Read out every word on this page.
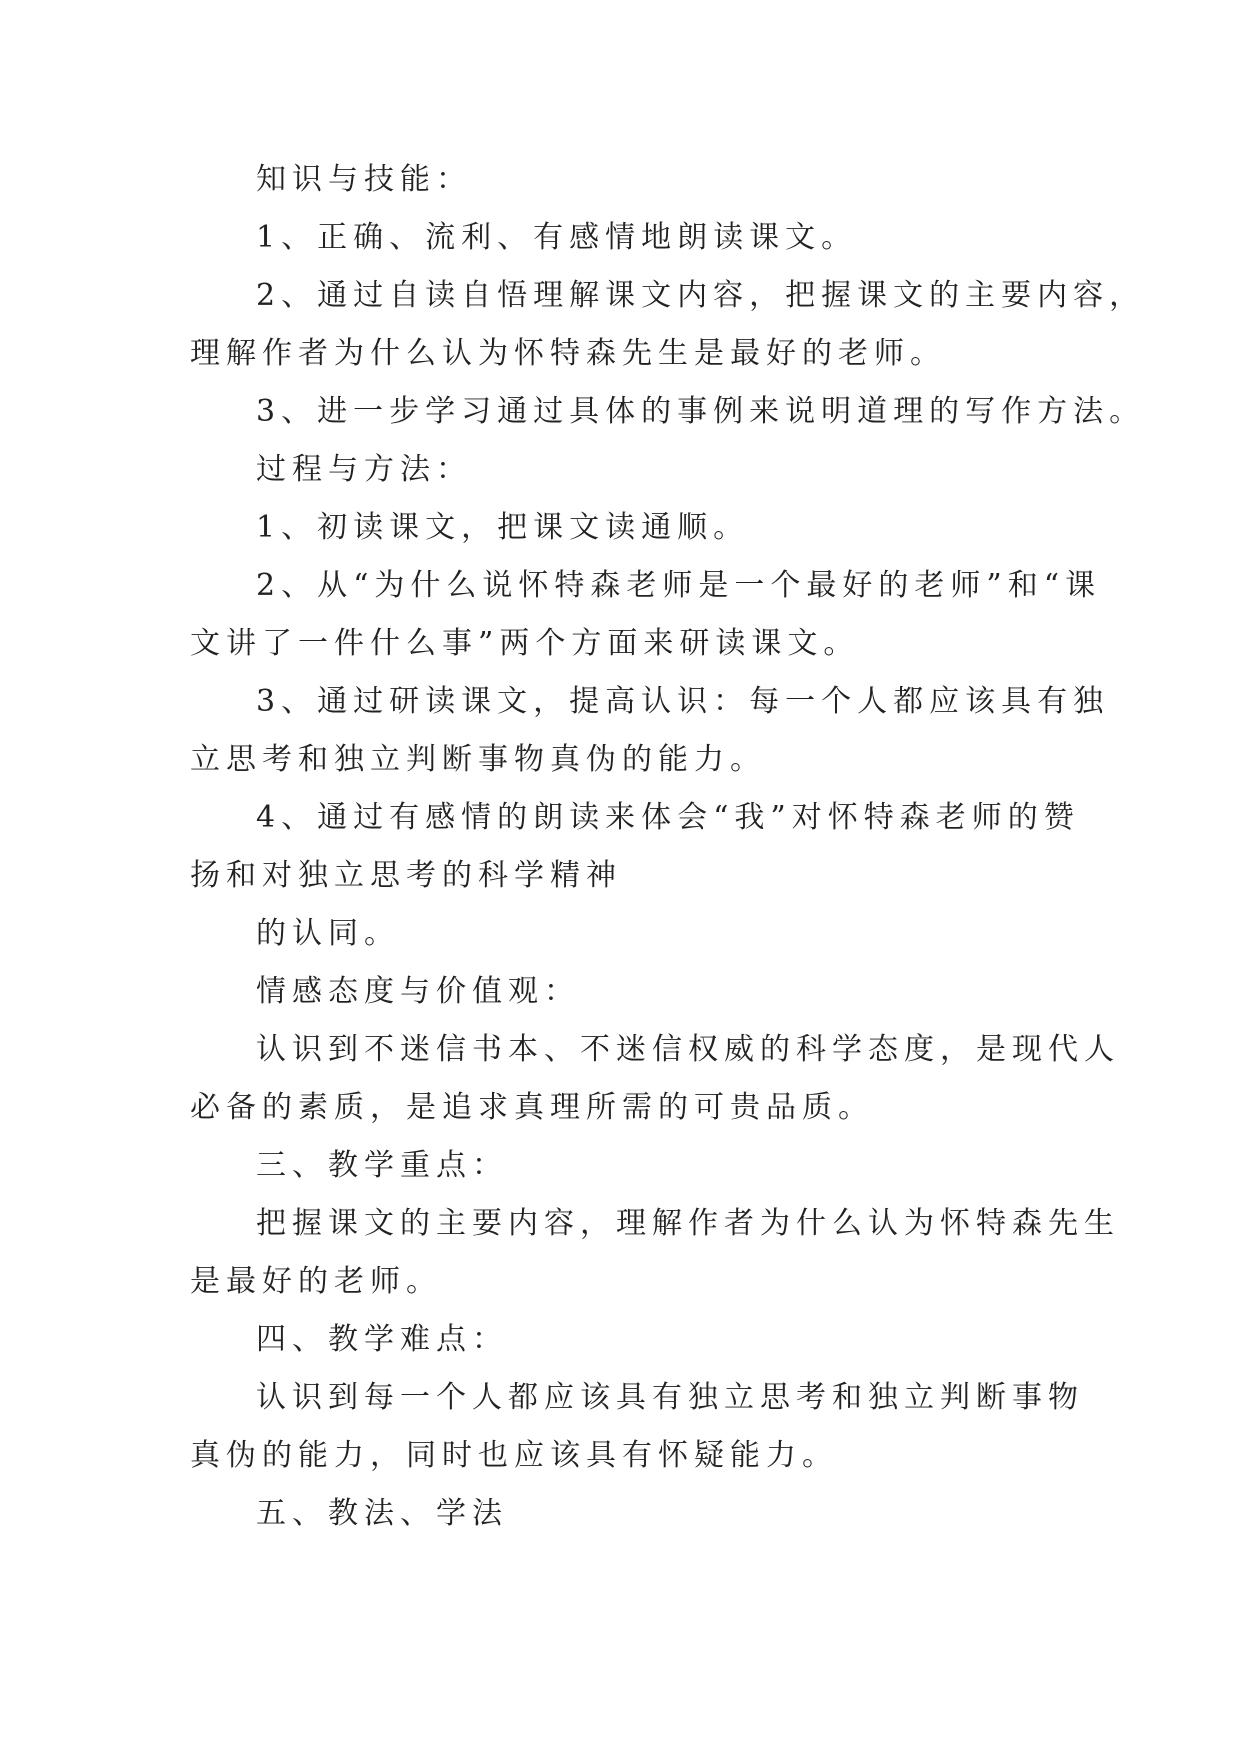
知识与技能：
1、正确、流利、有感情地朗读课文。
2、通过自读自悟理解课文内容，把握课文的主要内容，
理解作者为什么认为怀特森先生是最好的老师。
3、进一步学习通过具体的事例来说明道理的写作方法。
过程与方法：
1、初读课文，把课文读通顺。
2、从“为什么说怀特森老师是一个最好的老师”和“课
文讲了一件什么事”两个方面来研读课文。
3、通过研读课文，提高认识：每一个人都应该具有独
立思考和独立判断事物真伪的能力。
4、通过有感情的朗读来体会“我”对怀特森老师的赞
扬和对独立思考的科学精神
的认同。
情感态度与价值观：
认识到不迷信书本、不迷信权威的科学态度，是现代人
必备的素质，是追求真理所需的可贵品质。
三、教学重点：
把握课文的主要内容，理解作者为什么认为怀特森先生
是最好的老师。
四、教学难点：
认识到每一个人都应该具有独立思考和独立判断事物
真伪的能力，同时也应该具有怀疑能力。
五、教法、学法
